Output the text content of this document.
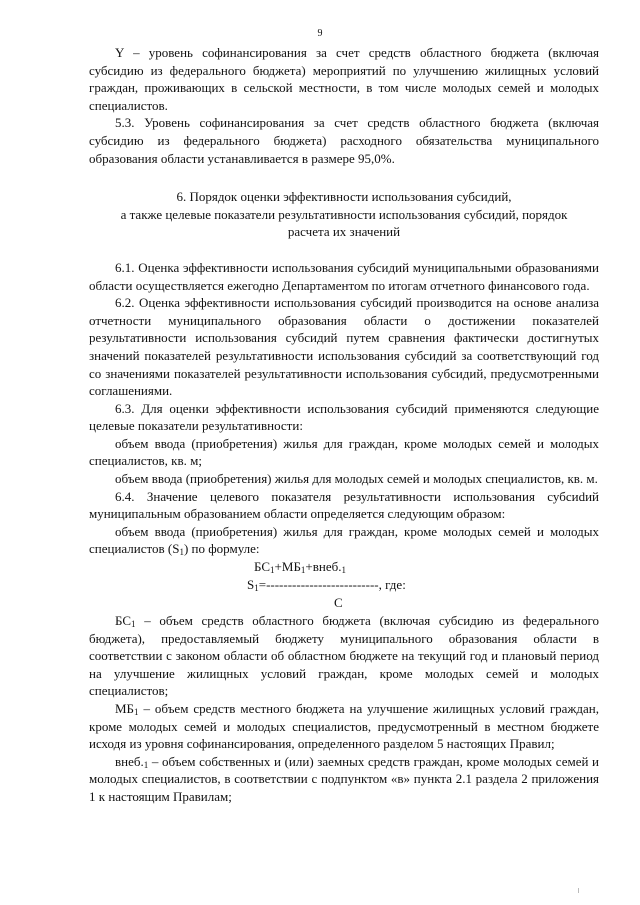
9

Y – уровень софинансирования за счет средств областного бюджета (включая субсидию из федерального бюджета) мероприятий по улучшению жилищных условий граждан, проживающих в сельской местности, в том числе молодых семей и молодых специалистов.

5.3. Уровень софинансирования за счет средств областного бюджета (включая субсидию из федерального бюджета) расходного обязательства муниципального образования области устанавливается в размере 95,0%.

6. Порядок оценки эффективности использования субсидий,
а также целевые показатели результативности использования субсидий, порядок
расчета их значений

6.1. Оценка эффективности использования субсидий муниципальными образованиями области осуществляется ежегодно Департаментом по итогам отчетного финансового года.

6.2. Оценка эффективности использования субсидий производится на основе анализа отчетности муниципального образования области о достижении показателей результативности использования субсидий путем сравнения фактически достигнутых значений показателей результативности использования субсидий за соответствующий год со значениями показателей результативности использования субсидий, предусмотренными соглашениями.

6.3. Для оценки эффективности использования субсидий применяются следующие целевые показатели результативности:

объем ввода (приобретения) жилья для граждан, кроме молодых семей и молодых специалистов, кв. м;

объем ввода (приобретения) жилья для молодых семей и молодых специалистов, кв. м.

6.4. Значение целевого показателя результативности использования субсиdий муниципальным образованием области определяется следующим образом:

объем ввода (приобретения) жилья для граждан, кроме молодых семей и молодых специалистов $(S_1)$ по формуле:

$БС_1+МБ_1+внеб._1$
$S_1=--------------------------$, где:
С

$БС_1$ – объем средств областного бюджета (включая субсидию из федерального бюджета), предоставляемый бюджету муниципального образования области в соответствии с законом области об областном бюджете на текущий год и плановый период на улучшение жилищных условий граждан, кроме молодых семей и молодых специалистов;

$МБ_1$ – объем средств местного бюджета на улучшение жилищных условий граждан, кроме молодых семей и молодых специалистов, предусмотренный в местном бюджете исходя из уровня софинансирования, определенного разделом 5 настоящих Правил;

$внеб._1$ – объем собственных и (или) заемных средств граждан, кроме молодых семей и молодых специалистов, в соответствии с подпунктом «в» пункта 2.1 раздела 2 приложения 1 к настоящим Правилам;
